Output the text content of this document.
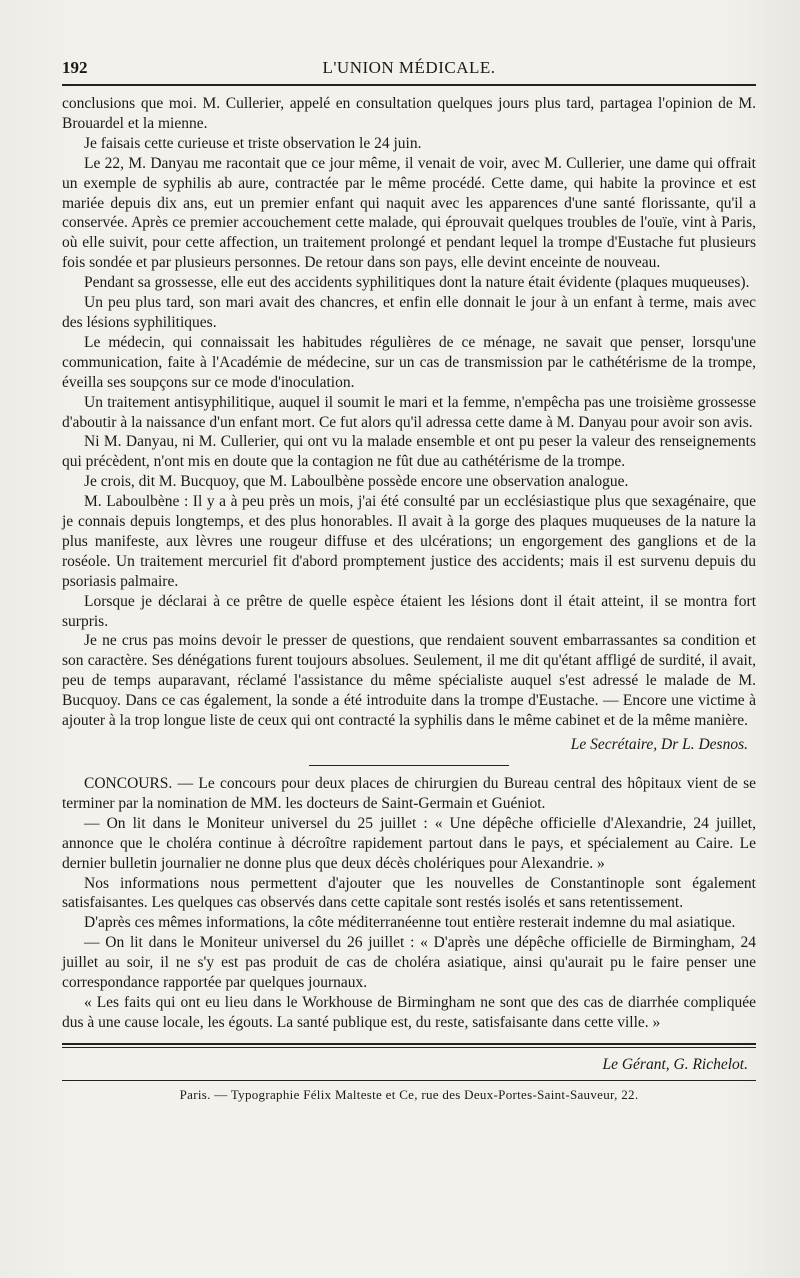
192	L'UNION MÉDICALE.

conclusions que moi. M. Cullerier, appelé en consultation quelques jours plus tard, partagea l'opinion de M. Brouardel et la mienne.

Je faisais cette curieuse et triste observation le 24 juin.

Le 22, M. Danyau me racontait que ce jour même, il venait de voir, avec M. Cullerier, une dame qui offrait un exemple de syphilis ab aure, contractée par le même procédé. Cette dame, qui habite la province et est mariée depuis dix ans, eut un premier enfant qui naquit avec les apparences d'une santé florissante, qu'il a conservée. Après ce premier accouchement cette malade, qui éprouvait quelques troubles de l'ouïe, vint à Paris, où elle suivit, pour cette affection, un traitement prolongé et pendant lequel la trompe d'Eustache fut plusieurs fois sondée et par plusieurs personnes. De retour dans son pays, elle devint enceinte de nouveau.

Pendant sa grossesse, elle eut des accidents syphilitiques dont la nature était évidente (plaques muqueuses).

Un peu plus tard, son mari avait des chancres, et enfin elle donnait le jour à un enfant à terme, mais avec des lésions syphilitiques.

Le médecin, qui connaissait les habitudes régulières de ce ménage, ne savait que penser, lorsqu'une communication, faite à l'Académie de médecine, sur un cas de transmission par le cathétérisme de la trompe, éveilla ses soupçons sur ce mode d'inoculation.

Un traitement antisyphilitique, auquel il soumit le mari et la femme, n'empêcha pas une troisième grossesse d'aboutir à la naissance d'un enfant mort. Ce fut alors qu'il adressa cette dame à M. Danyau pour avoir son avis.

Ni M. Danyau, ni M. Cullerier, qui ont vu la malade ensemble et ont pu peser la valeur des renseignements qui précèdent, n'ont mis en doute que la contagion ne fût due au cathétérisme de la trompe.

Je crois, dit M. Bucquoy, que M. Laboulbène possède encore une observation analogue.

M. Laboulbène : Il y a à peu près un mois, j'ai été consulté par un ecclésiastique plus que sexagénaire, que je connais depuis longtemps, et des plus honorables. Il avait à la gorge des plaques muqueuses de la nature la plus manifeste, aux lèvres une rougeur diffuse et des ulcérations; un engorgement des ganglions et de la roséole. Un traitement mercuriel fit d'abord promptement justice des accidents; mais il est survenu depuis du psoriasis palmaire.

Lorsque je déclarai à ce prêtre de quelle espèce étaient les lésions dont il était atteint, il se montra fort surpris.

Je ne crus pas moins devoir le presser de questions, que rendaient souvent embarrassantes sa condition et son caractère. Ses dénégations furent toujours absolues. Seulement, il me dit qu'étant affligé de surdité, il avait, peu de temps auparavant, réclamé l'assistance du même spécialiste auquel s'est adressé le malade de M. Bucquoy. Dans ce cas également, la sonde a été introduite dans la trompe d'Eustache. — Encore une victime à ajouter à la trop longue liste de ceux qui ont contracté la syphilis dans le même cabinet et de la même manière.

Le Secrétaire, Dr L. Desnos.

CONCOURS. — Le concours pour deux places de chirurgien du Bureau central des hôpitaux vient de se terminer par la nomination de MM. les docteurs de Saint-Germain et Guéniot.

— On lit dans le Moniteur universel du 25 juillet : « Une dépêche officielle d'Alexandrie, 24 juillet, annonce que le choléra continue à décroître rapidement partout dans le pays, et spécialement au Caire. Le dernier bulletin journalier ne donne plus que deux décès cholériques pour Alexandrie. »

Nos informations nous permettent d'ajouter que les nouvelles de Constantinople sont également satisfaisantes. Les quelques cas observés dans cette capitale sont restés isolés et sans retentissement.

D'après ces mêmes informations, la côte méditerranéenne tout entière resterait indemne du mal asiatique.

— On lit dans le Moniteur universel du 26 juillet : « D'après une dépêche officielle de Birmingham, 24 juillet au soir, il ne s'y est pas produit de cas de choléra asiatique, ainsi qu'aurait pu le faire penser une correspondance rapportée par quelques journaux.

« Les faits qui ont eu lieu dans le Workhouse de Birmingham ne sont que des cas de diarrhée compliquée dus à une cause locale, les égouts. La santé publique est, du reste, satisfaisante dans cette ville. »

Le Gérant, G. Richelot.
Paris. — Typographie Félix Malteste et Ce, rue des Deux-Portes-Saint-Sauveur, 22.
